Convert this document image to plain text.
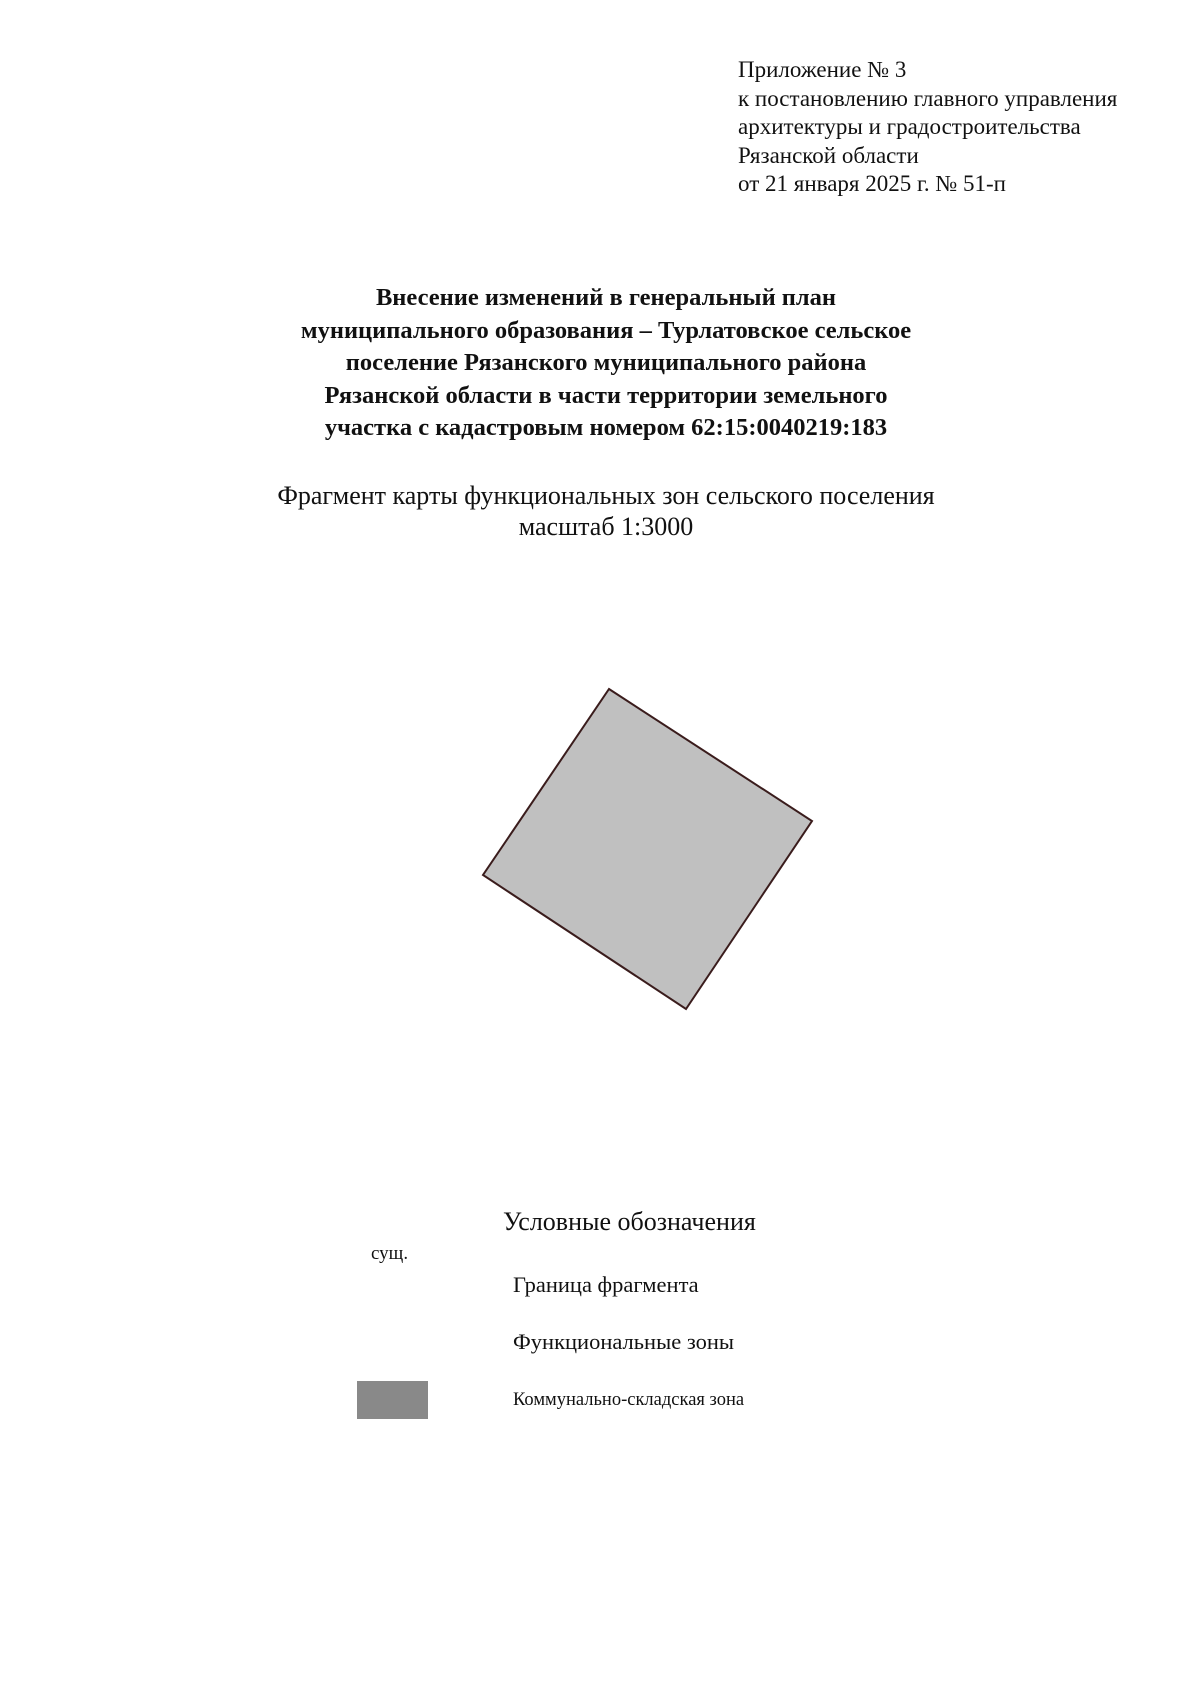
Приложение № 3
к постановлению главного управления
архитектуры и градостроительства
Рязанской области
от 21 января 2025 г. № 51-п
Внесение изменений в генеральный план
муниципального образования – Турлатовское сельское
поселение Рязанского муниципального района
Рязанской области в части территории земельного
участка с кадастровым номером 62:15:0040219:183
Фрагмент карты функциональных зон сельского поселения
масштаб 1:3000
Условные обозначения
сущ.
Граница фрагмента
Функциональные зоны
Коммунально-складская зона
